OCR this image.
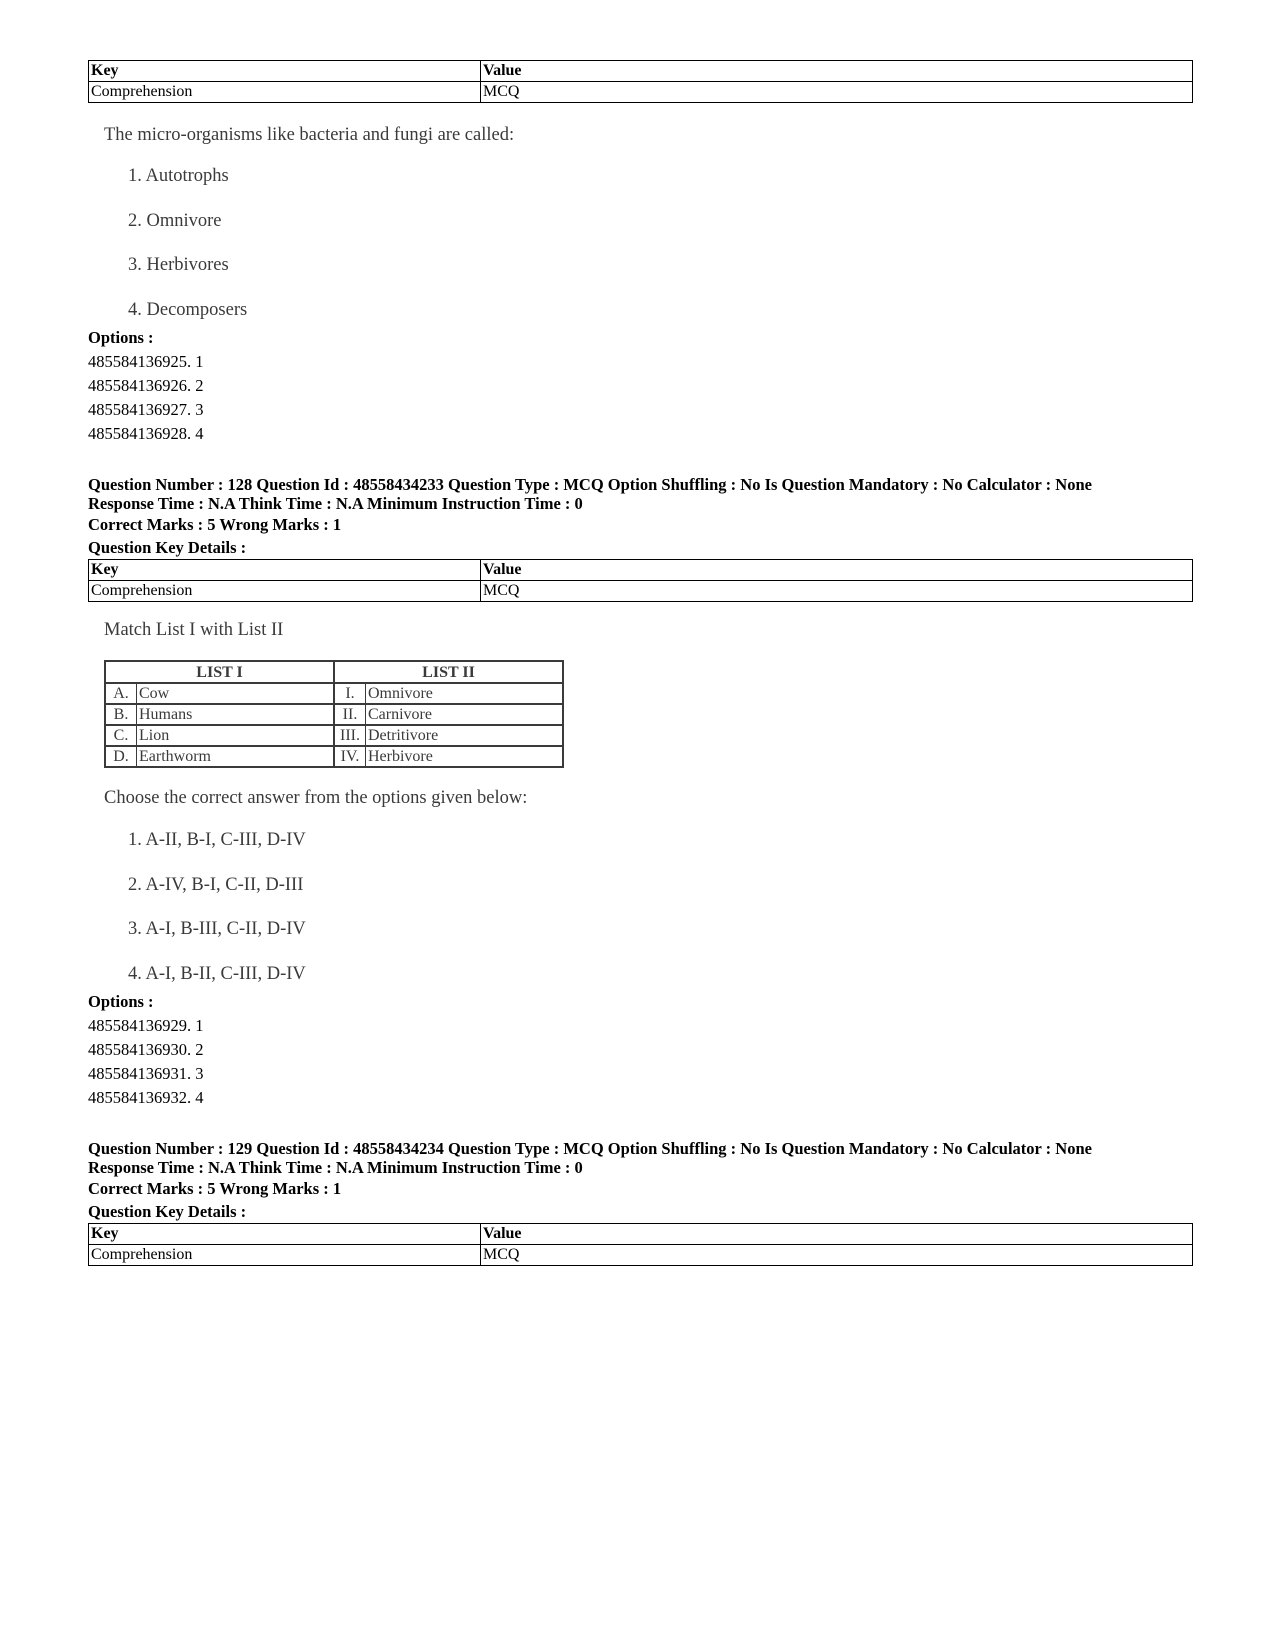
Key	Value
Comprehension	MCQ
The micro-organisms like bacteria and fungi are called:
1. Autotrophs
2. Omnivore
3. Herbivores
4. Decomposers
Options :
485584136925. 1
485584136926. 2
485584136927. 3
485584136928. 4
Question Number : 128 Question Id : 48558434233 Question Type : MCQ Option Shuffling : No Is Question Mandatory : No Calculator : None
Response Time : N.A Think Time : N.A Minimum Instruction Time : 0
Correct Marks : 5 Wrong Marks : 1
Question Key Details :
Key	Value
Comprehension	MCQ
Match List I with List II
LIST I		LIST II	
A.	Cow	I.	Omnivore
B.	Humans	II.	Carnivore
C.	Lion	III.	Detritivore
D.	Earthworm	IV.	Herbivore
Choose the correct answer from the options given below:
1. A-II, B-I, C-III, D-IV
2. A-IV, B-I, C-II, D-III
3. A-I, B-III, C-II, D-IV
4. A-I, B-II, C-III, D-IV
Options :
485584136929. 1
485584136930. 2
485584136931. 3
485584136932. 4
Question Number : 129 Question Id : 48558434234 Question Type : MCQ Option Shuffling : No Is Question Mandatory : No Calculator : None
Response Time : N.A Think Time : N.A Minimum Instruction Time : 0
Correct Marks : 5 Wrong Marks : 1
Question Key Details :
Key	Value
Comprehension	MCQ
